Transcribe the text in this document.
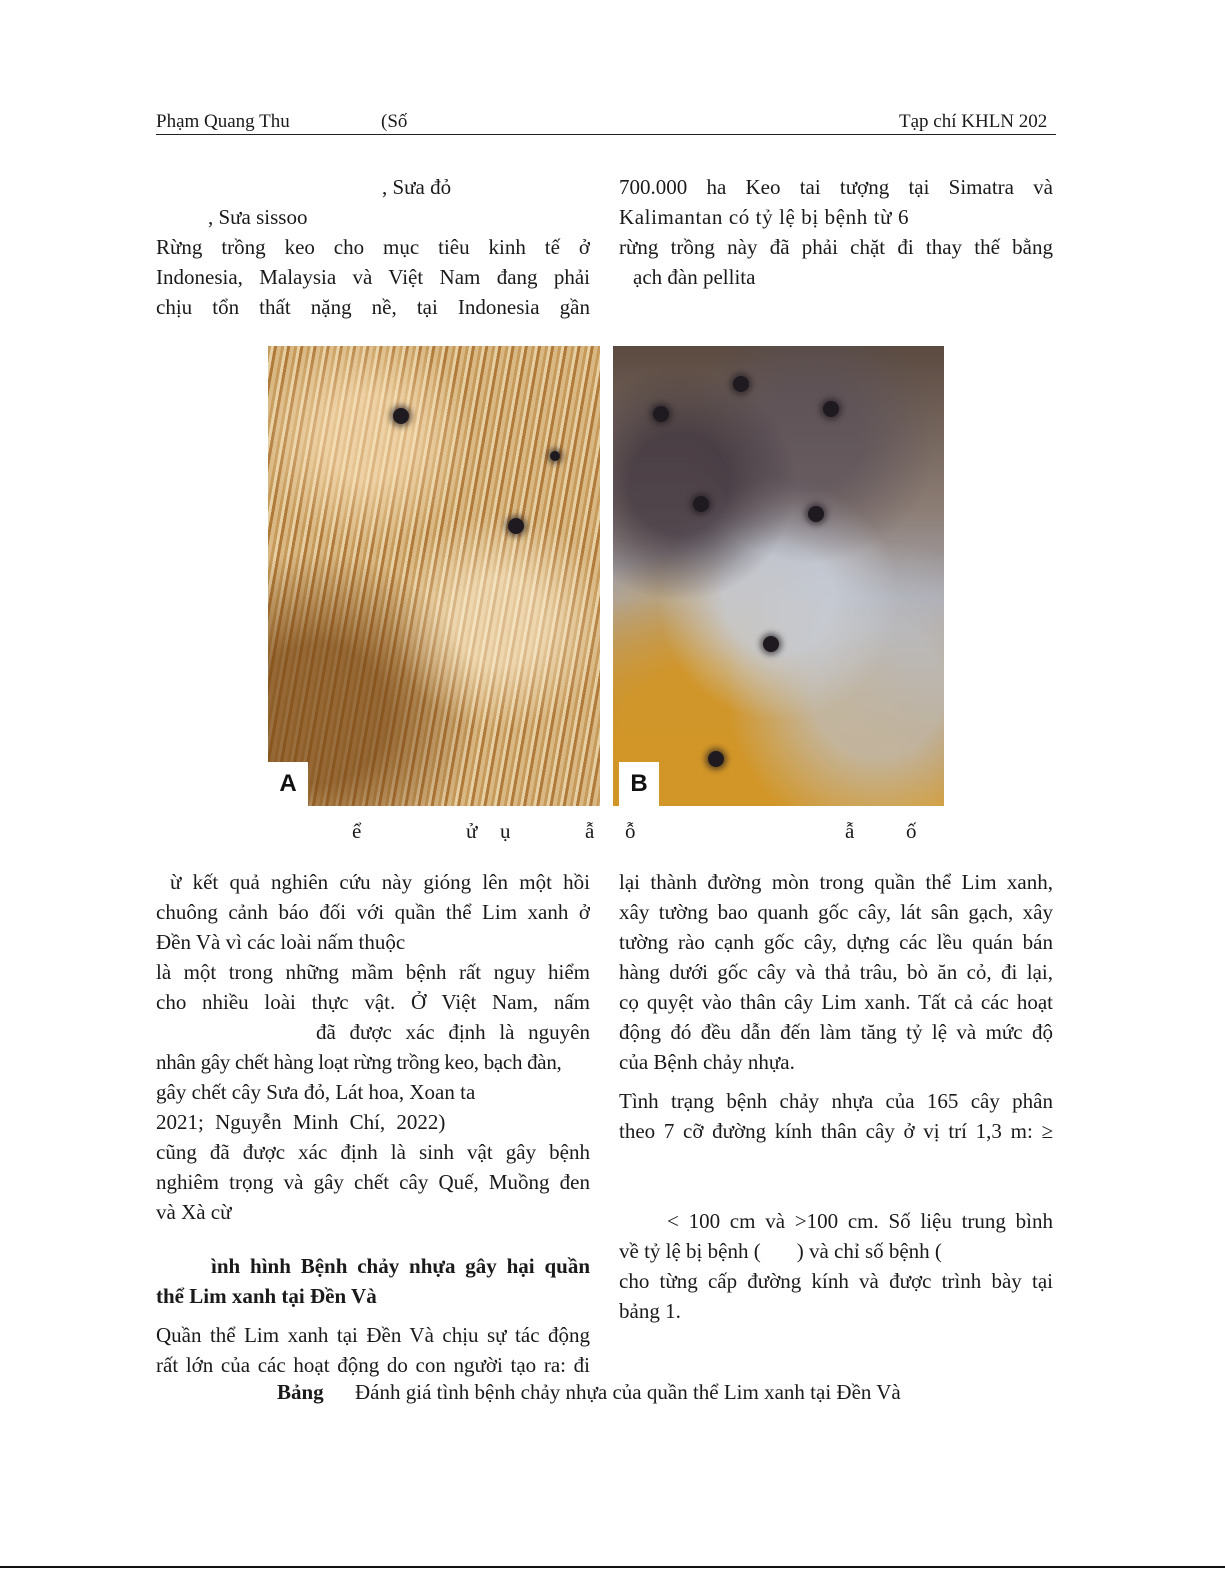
Phạm Quang Thu	(Số	Tạp chí KHLN 202
, Sưa đỏ
, Sưa sissoo
Rừng trồng keo cho mục tiêu kinh tế ở
Indonesia, Malaysia và Việt Nam đang phải
chịu tổn thất nặng nề, tại Indonesia gần
700.000 ha Keo tai tượng tại Simatra và
Kalimantan có tỷ lệ bị bệnh từ 6
rừng trồng này đã phải chặt đi thay thế bằng
ạch đàn pellita
A	B
ể	ử ụ	ẫ ỗ	ẫ ố
ừ kết quả nghiên cứu này gióng lên một hồi
chuông cảnh báo đối với quần thể Lim xanh ở
Đền Và vì các loài nấm thuộc
là một trong những mầm bệnh rất nguy hiểm
cho nhiều loài thực vật. Ở Việt Nam, nấm
đã được xác định là nguyên
nhân gây chết hàng loạt rừng trồng keo, bạch đàn,
gây chết cây Sưa đỏ, Lát hoa, Xoan ta
2021; Nguyễn Minh Chí, 2022)
cũng đã được xác định là sinh vật gây bệnh
nghiêm trọng và gây chết cây Quế, Muồng đen
và Xà cừ
ình hình Bệnh chảy nhựa gây hại quần
thể Lim xanh tại Đền Và
Quần thể Lim xanh tại Đền Và chịu sự tác động
rất lớn của các hoạt động do con người tạo ra: đi
lại thành đường mòn trong quần thể Lim xanh,
xây tường bao quanh gốc cây, lát sân gạch, xây
tường rào cạnh gốc cây, dựng các lều quán bán
hàng dưới gốc cây và thả trâu, bò ăn cỏ, đi lại,
cọ quyệt vào thân cây Lim xanh. Tất cả các hoạt
động đó đều dẫn đến làm tăng tỷ lệ và mức độ
của Bệnh chảy nhựa.
Tình trạng bệnh chảy nhựa của 165 cây phân
theo 7 cỡ đường kính thân cây ở vị trí 1,3 m: ≥
< 100 cm và >100 cm. Số liệu trung bình
về tỷ lệ bị bệnh ( ) và chỉ số bệnh (
cho từng cấp đường kính và được trình bày tại
bảng 1.
Bảng Đánh giá tình bệnh chảy nhựa của quần thể Lim xanh tại Đền Và
